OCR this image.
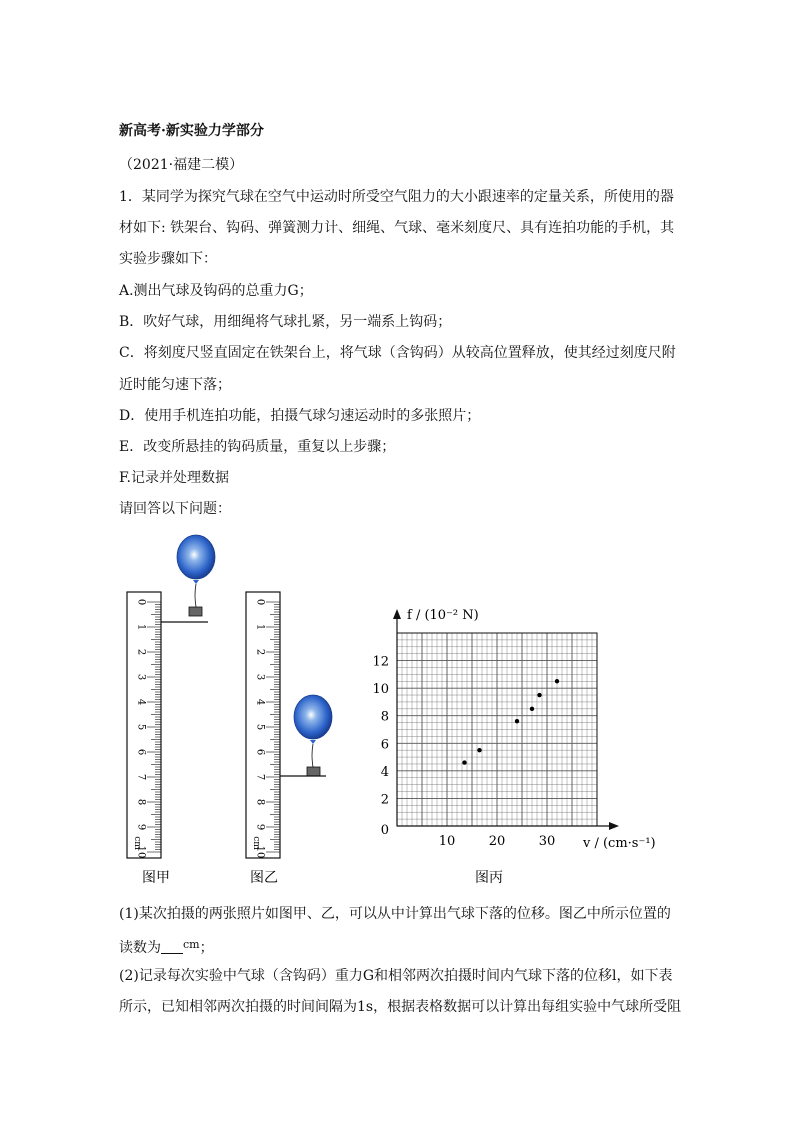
新高考·新实验力学部分
（2021·福建二模）
1．某同学为探究气球在空气中运动时所受空气阻力的大小跟速率的定量关系，所使用的器
材如下: 铁架台、钩码、弹簧测力计、细绳、气球、毫米刻度尺、具有连拍功能的手机，其
实验步骤如下：
A.测出气球及钩码的总重力G；
B．吹好气球，用细绳将气球扎紧，另一端系上钩码；
C．将刻度尺竖直固定在铁架台上，将气球（含钩码）从较高位置释放，使其经过刻度尺附
近时能匀速下落；
D．使用手机连拍功能，拍摄气球匀速运动时的多张照片；
E．改变所悬挂的钩码质量，重复以上步骤；
F.记录并处理数据
请回答以下问题：
0
1
2
3
4
5
6
7
8
9
10
cm
图甲
0
1
2
3
4
5
6
7
8
9
10
cm
图乙
0
2
4
6
8
10
12
10	20	30
f / (10⁻² N)
v / (cm·s⁻¹)
图丙
(1)某次拍摄的两张照片如图甲、乙，可以从中计算出气球下落的位移。图乙中所示位置的
读数为 $^{cm}$；
(2)记录每次实验中气球（含钩码）重力G和相邻两次拍摄时间内气球下落的位移l，如下表
所示，已知相邻两次拍摄的时间间隔为1s，根据表格数据可以计算出每组实验中气球所受阻
